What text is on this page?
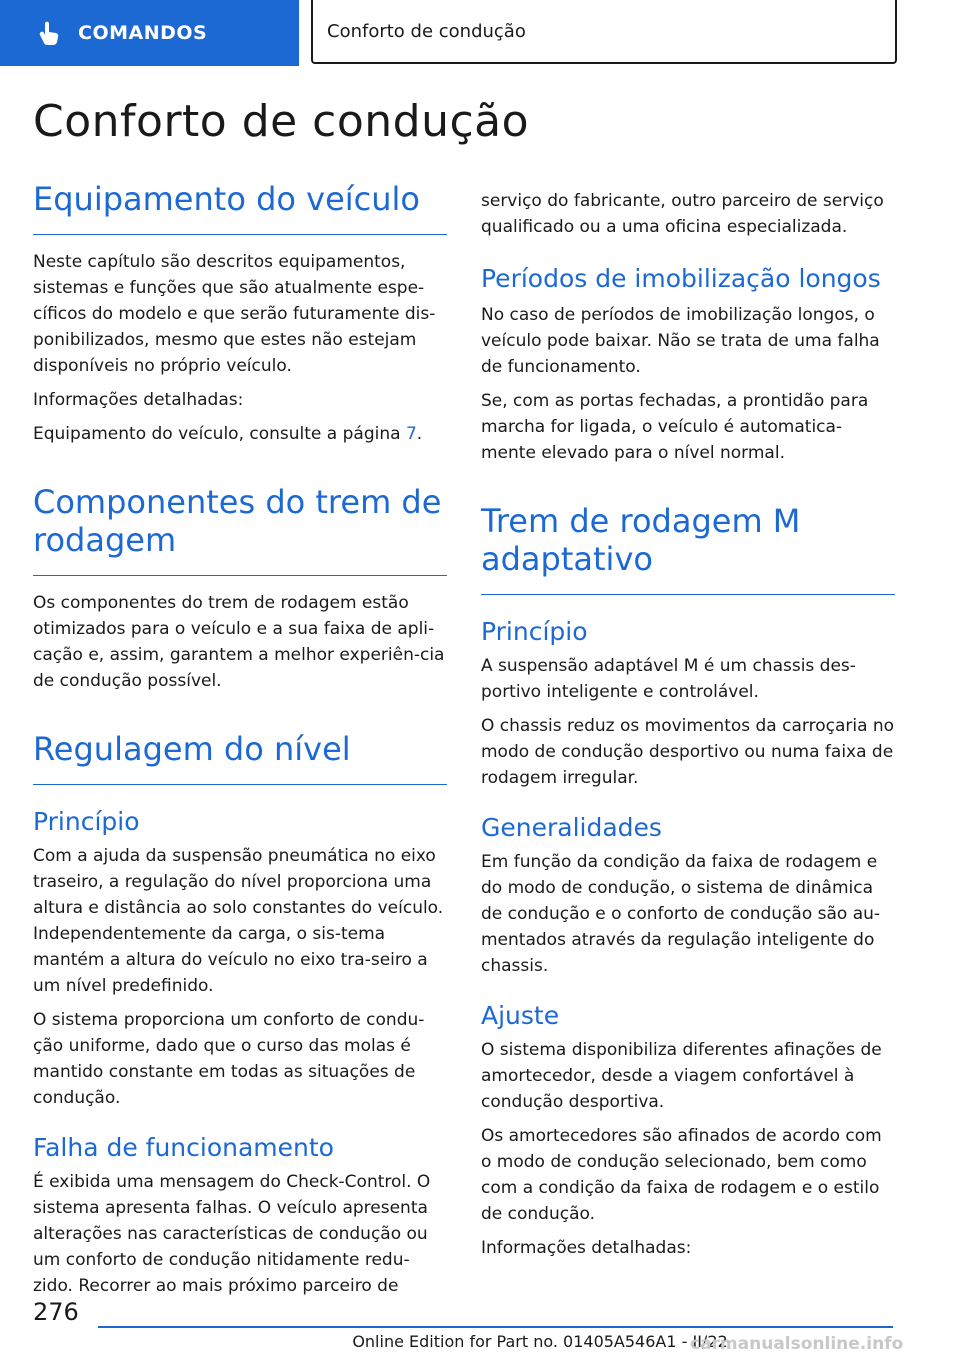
COMANDOS	Conforto de condução
Conforto de condução
Equipamento do veículo

Neste capítulo são descritos equipamentos, sistemas e funções que são atualmente espe-cíficos do modelo e que serão futuramente dis-ponibilizados, mesmo que estes não estejam disponíveis no próprio veículo.

Informações detalhadas:

Equipamento do veículo, consulte a página 7.

Componentes do trem de rodagem

Os componentes do trem de rodagem estão otimizados para o veículo e a sua faixa de apli-cação e, assim, garantem a melhor experiên-cia de condução possível.

Regulagem do nível
Princípio

Com a ajuda da suspensão pneumática no eixo traseiro, a regulação do nível proporciona uma altura e distância ao solo constantes do veículo. Independentemente da carga, o sis-tema mantém a altura do veículo no eixo tra-seiro a um nível predefinido.

O sistema proporciona um conforto de condu-ção uniforme, dado que o curso das molas é mantido constante em todas as situações de condução.

Falha de funcionamento

É exibida uma mensagem do Check-Control. O sistema apresenta falhas. O veículo apresenta alterações nas características de condução ou um conforto de condução nitidamente redu-zido. Recorrer ao mais próximo parceiro de

serviço do fabricante, outro parceiro de serviço qualificado ou a uma oficina especializada.

Períodos de imobilização longos

No caso de períodos de imobilização longos, o veículo pode baixar. Não se trata de uma falha de funcionamento.

Se, com as portas fechadas, a prontidão para marcha for ligada, o veículo é automatica-mente elevado para o nível normal.

Trem de rodagem M adaptativo
Princípio

A suspensão adaptável M é um chassis des-portivo inteligente e controlável.

O chassis reduz os movimentos da carroçaria no modo de condução desportivo ou numa faixa de rodagem irregular.

Generalidades

Em função da condição da faixa de rodagem e do modo de condução, o sistema de dinâmica de condução e o conforto de condução são au-mentados através da regulação inteligente do chassis.

Ajuste

O sistema disponibiliza diferentes afinações de amortecedor, desde a viagem confortável à condução desportiva.

Os amortecedores são afinados de acordo com o modo de condução selecionado, bem como com a condição da faixa de rodagem e o estilo de condução.

Informações detalhadas:

276
Online Edition for Part no. 01405A546A1 - II/22
carmanualsonline.info
